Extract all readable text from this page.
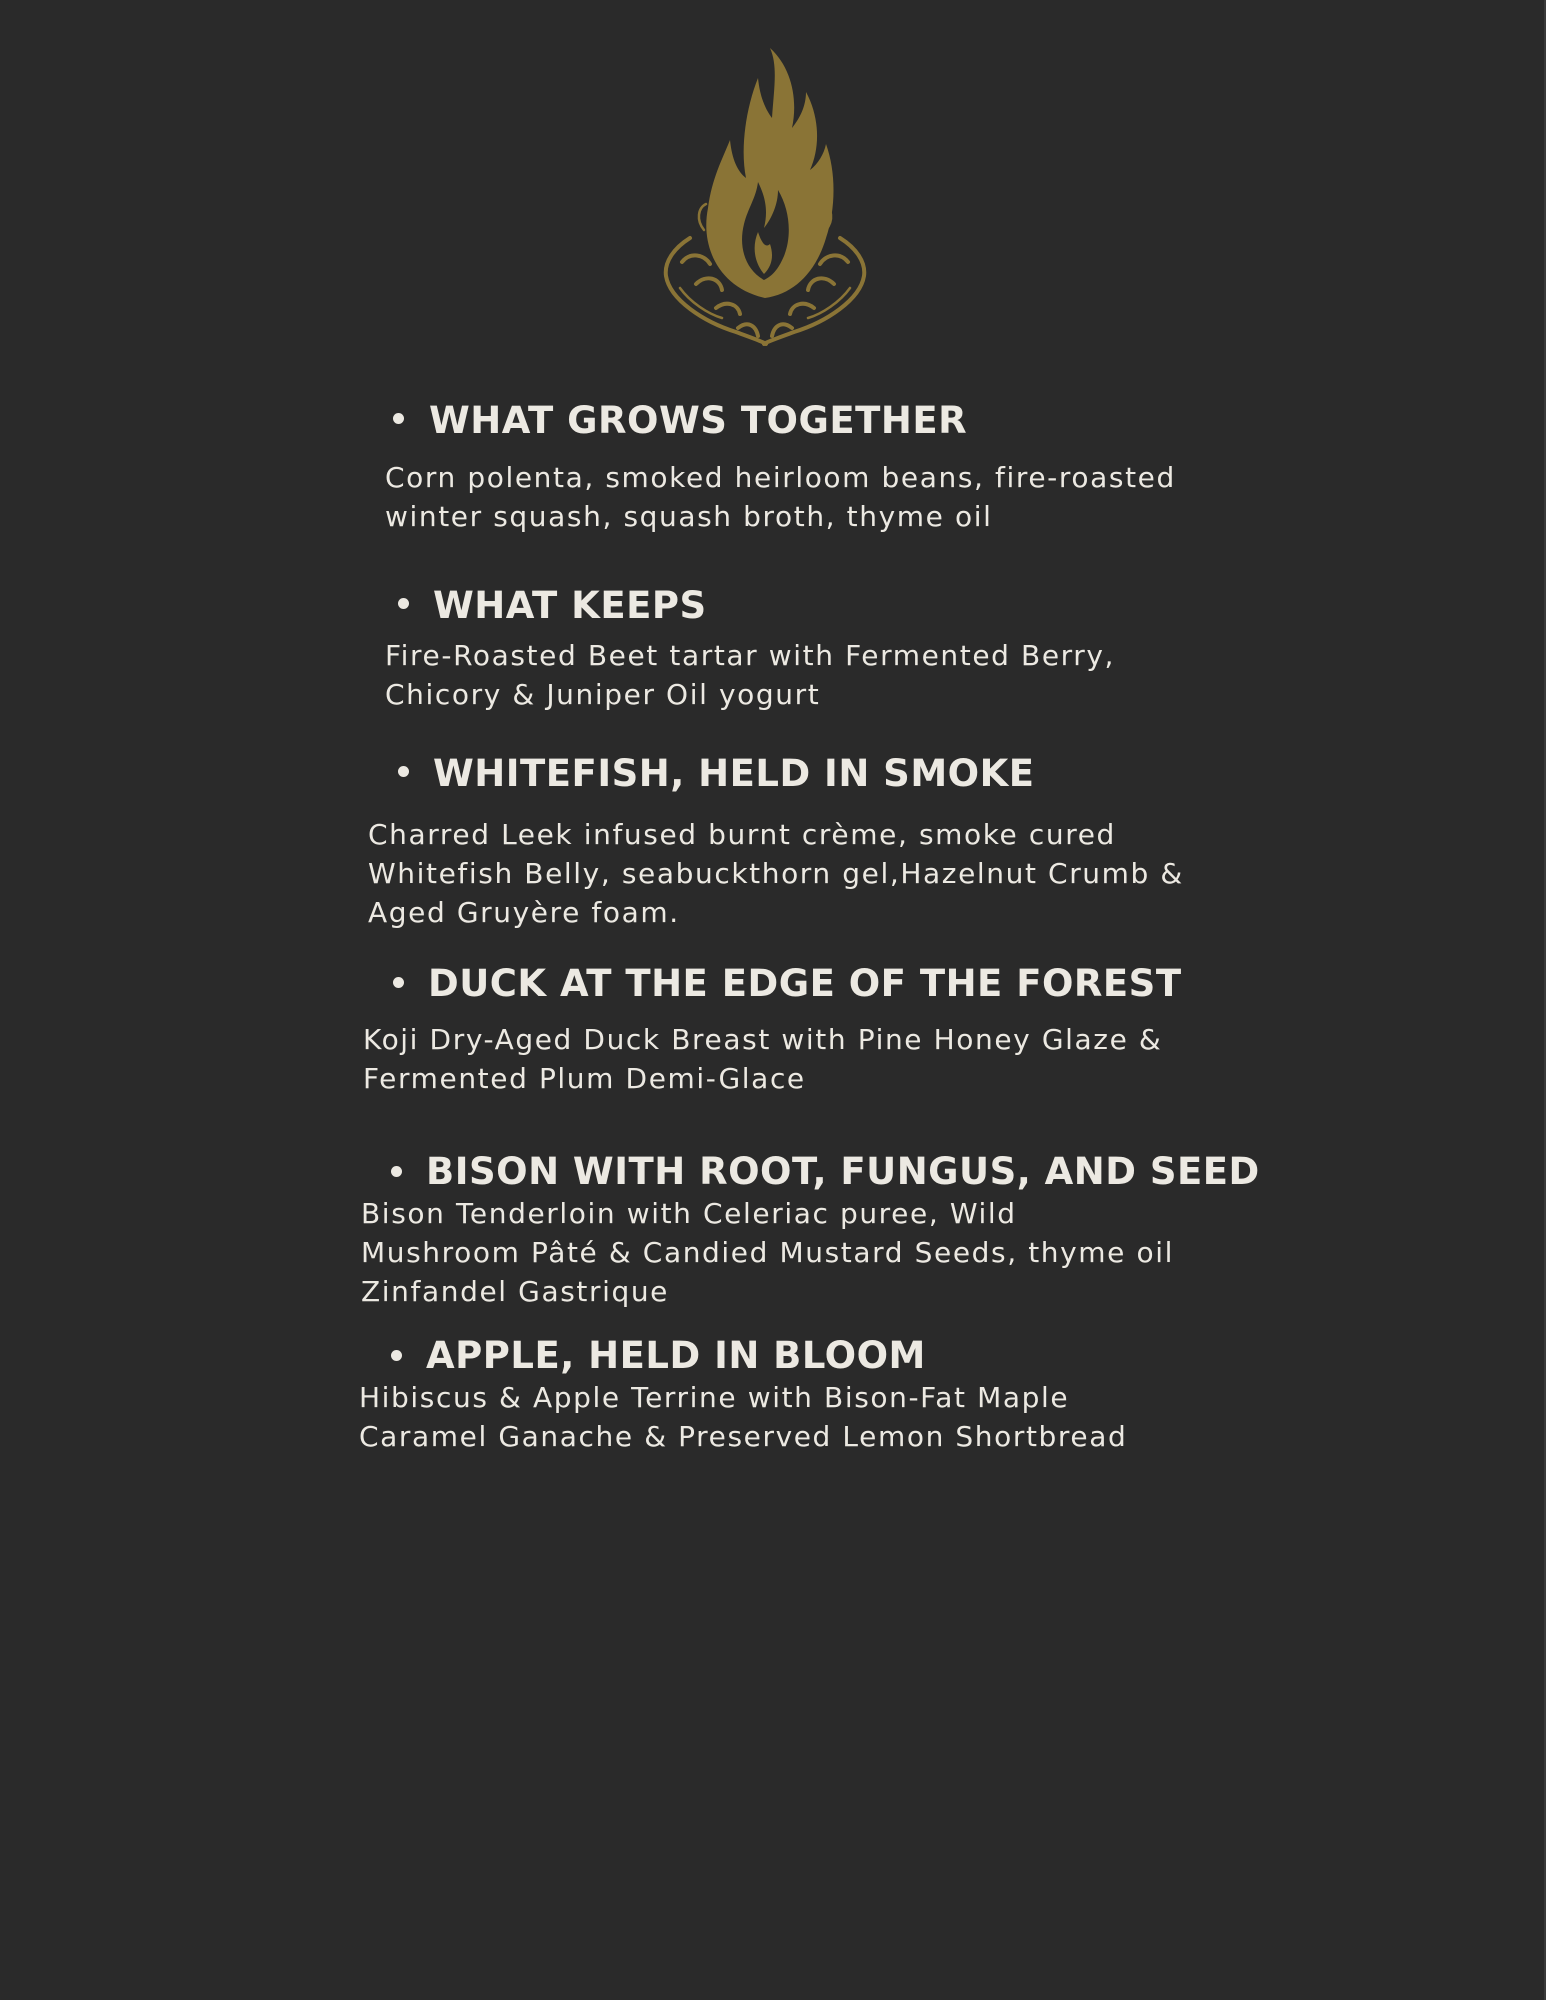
WHAT GROWS TOGETHER
Corn polenta, smoked heirloom beans, fire-roasted
winter squash, squash broth, thyme oil
WHAT KEEPS
Fire-Roasted Beet tartar with Fermented Berry,
Chicory & Juniper Oil yogurt
WHITEFISH, HELD IN SMOKE
Charred Leek infused burnt crème, smoke cured
Whitefish Belly, seabuckthorn gel,Hazelnut Crumb &
Aged Gruyère foam.
DUCK AT THE EDGE OF THE FOREST
Koji Dry-Aged Duck Breast with Pine Honey Glaze &
Fermented Plum Demi-Glace
BISON WITH ROOT, FUNGUS, AND SEED
Bison Tenderloin with Celeriac puree, Wild
Mushroom Pâté & Candied Mustard Seeds, thyme oil
Zinfandel Gastrique
APPLE, HELD IN BLOOM
Hibiscus & Apple Terrine with Bison-Fat Maple
Caramel Ganache & Preserved Lemon Shortbread
